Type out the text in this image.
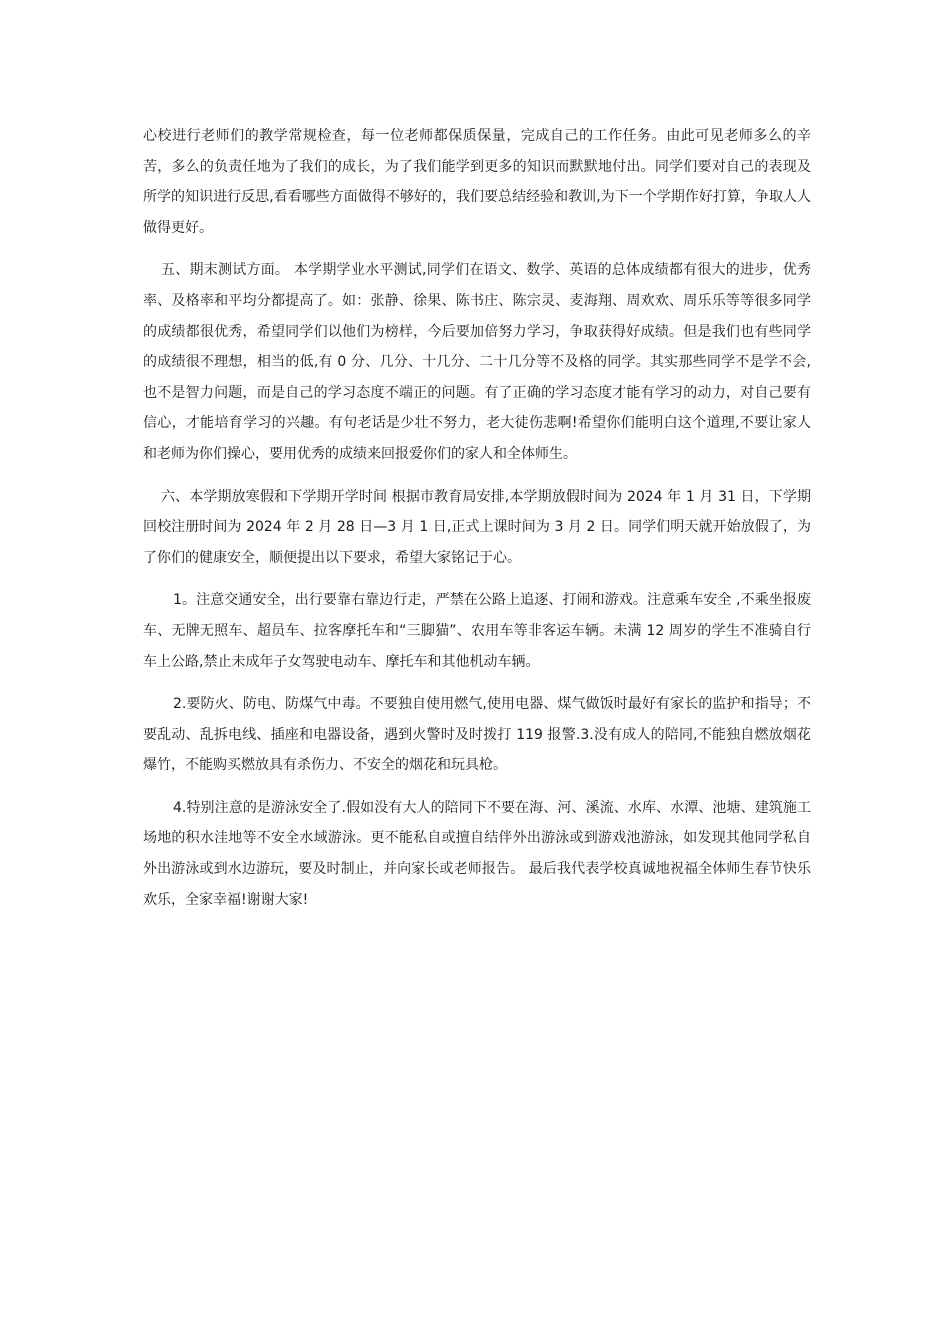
心校进行老师们的教学常规检查，每一位老师都保质保量，完成自己的工作任务。由此可见老师多么的辛苦，多么的负责任地为了我们的成长，为了我们能学到更多的知识而默默地付出。同学们要对自己的表现及所学的知识进行反思,看看哪些方面做得不够好的，我们要总结经验和教训,为下一个学期作好打算，争取人人做得更好。

五、期末测试方面。 本学期学业水平测试,同学们在语文、数学、英语的总体成绩都有很大的进步，优秀率、及格率和平均分都提高了。如：张静、徐果、陈书庄、陈宗灵、麦海翔、周欢欢、周乐乐等等很多同学的成绩都很优秀，希望同学们以他们为榜样，今后要加倍努力学习，争取获得好成绩。但是我们也有些同学的成绩很不理想，相当的低,有 0 分、几分、十几分、二十几分等不及格的同学。其实那些同学不是学不会,也不是智力问题，而是自己的学习态度不端正的问题。有了正确的学习态度才能有学习的动力，对自己要有信心，才能培育学习的兴趣。有句老话是少壮不努力，老大徒伤悲啊!希望你们能明白这个道理,不要让家人和老师为你们操心，要用优秀的成绩来回报爱你们的家人和全体师生。

六、本学期放寒假和下学期开学时间 根据市教育局安排,本学期放假时间为 2024 年 1 月 31 日，下学期回校注册时间为 2024 年 2 月 28 日—3 月 1 日,正式上课时间为 3 月 2 日。同学们明天就开始放假了，为了你们的健康安全，顺便提出以下要求，希望大家铭记于心。

1。注意交通安全，出行要靠右靠边行走，严禁在公路上追逐、打闹和游戏。注意乘车安全 ,不乘坐报废车、无牌无照车、超员车、拉客摩托车和“三脚猫”、农用车等非客运车辆。未满 12 周岁的学生不准骑自行车上公路,禁止未成年子女驾驶电动车、摩托车和其他机动车辆。

2.要防火、防电、防煤气中毒。不要独自使用燃气,使用电器、煤气做饭时最好有家长的监护和指导；不要乱动、乱拆电线、插座和电器设备，遇到火警时及时拨打 119 报警.3.没有成人的陪同,不能独自燃放烟花爆竹，不能购买燃放具有杀伤力、不安全的烟花和玩具枪。

4.特别注意的是游泳安全了.假如没有大人的陪同下不要在海、河、溪流、水库、水潭、池塘、建筑施工场地的积水洼地等不安全水域游泳。更不能私自或擅自结伴外出游泳或到游戏池游泳，如发现其他同学私自外出游泳或到水边游玩，要及时制止，并向家长或老师报告。 最后我代表学校真诚地祝福全体师生春节快乐欢乐，全家幸福!谢谢大家!
